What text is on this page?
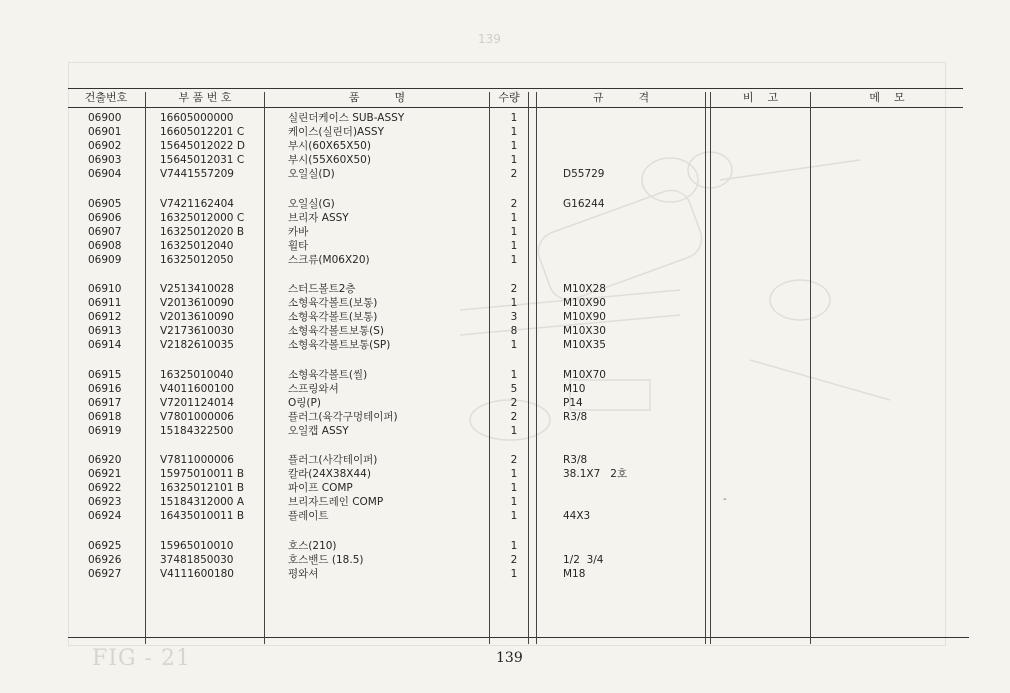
139
건출번호	부 품 번 호	품          명	수량	규          격	비    고	메    모
06900	16605000000	실린더케이스 SUB-ASSY	1
06901	16605012201 C	케이스(실린더)ASSY	1
06902	15645012022 D	부시(60X65X50)	1
06903	15645012031 C	부시(55X60X50)	1
06904	V7441557209	오일실(D)	2	D55729
06905	V7421162404	오일실(G)	2	G16244
06906	16325012000 C	브리자 ASSY	1
06907	16325012020 B	카바	1
06908	16325012040	휠타	1
06909	16325012050	스크류(M06X20)	1
06910	V2513410028	스터드볼트2층	2	M10X28
06911	V2013610090	소형육각볼트(보통)	1	M10X90
06912	V2013610090	소형육각볼트(보통)	3	M10X90
06913	V2173610030	소형육각볼트보통(S)	8	M10X30
06914	V2182610035	소형육각볼트보통(SP)	1	M10X35
06915	16325010040	소형육각볼트(씰)	1	M10X70
06916	V4011600100	스프링와셔	5	M10
06917	V7201124014	O링(P)	2	P14
06918	V7801000006	플러그(육각구멍테이퍼)	2	R3/8
06919	15184322500	오일캡 ASSY	1
06920	V7811000006	플러그(사각테이퍼)	2	R3/8
06921	15975010011 B	칼라(24X38X44)	1	38.1X7   2호
06922	16325012101 B	파이프 COMP	1
06923	15184312000 A	브리자드레인 COMP	1
06924	16435010011 B	플레이트	1	44X3
06925	15965010010	호스(210)	1
06926	37481850030	호스밴드 (18.5)	2	1/2  3/4
06927	V4111600180	평와셔	1	M18
-
FIG - 21	139
